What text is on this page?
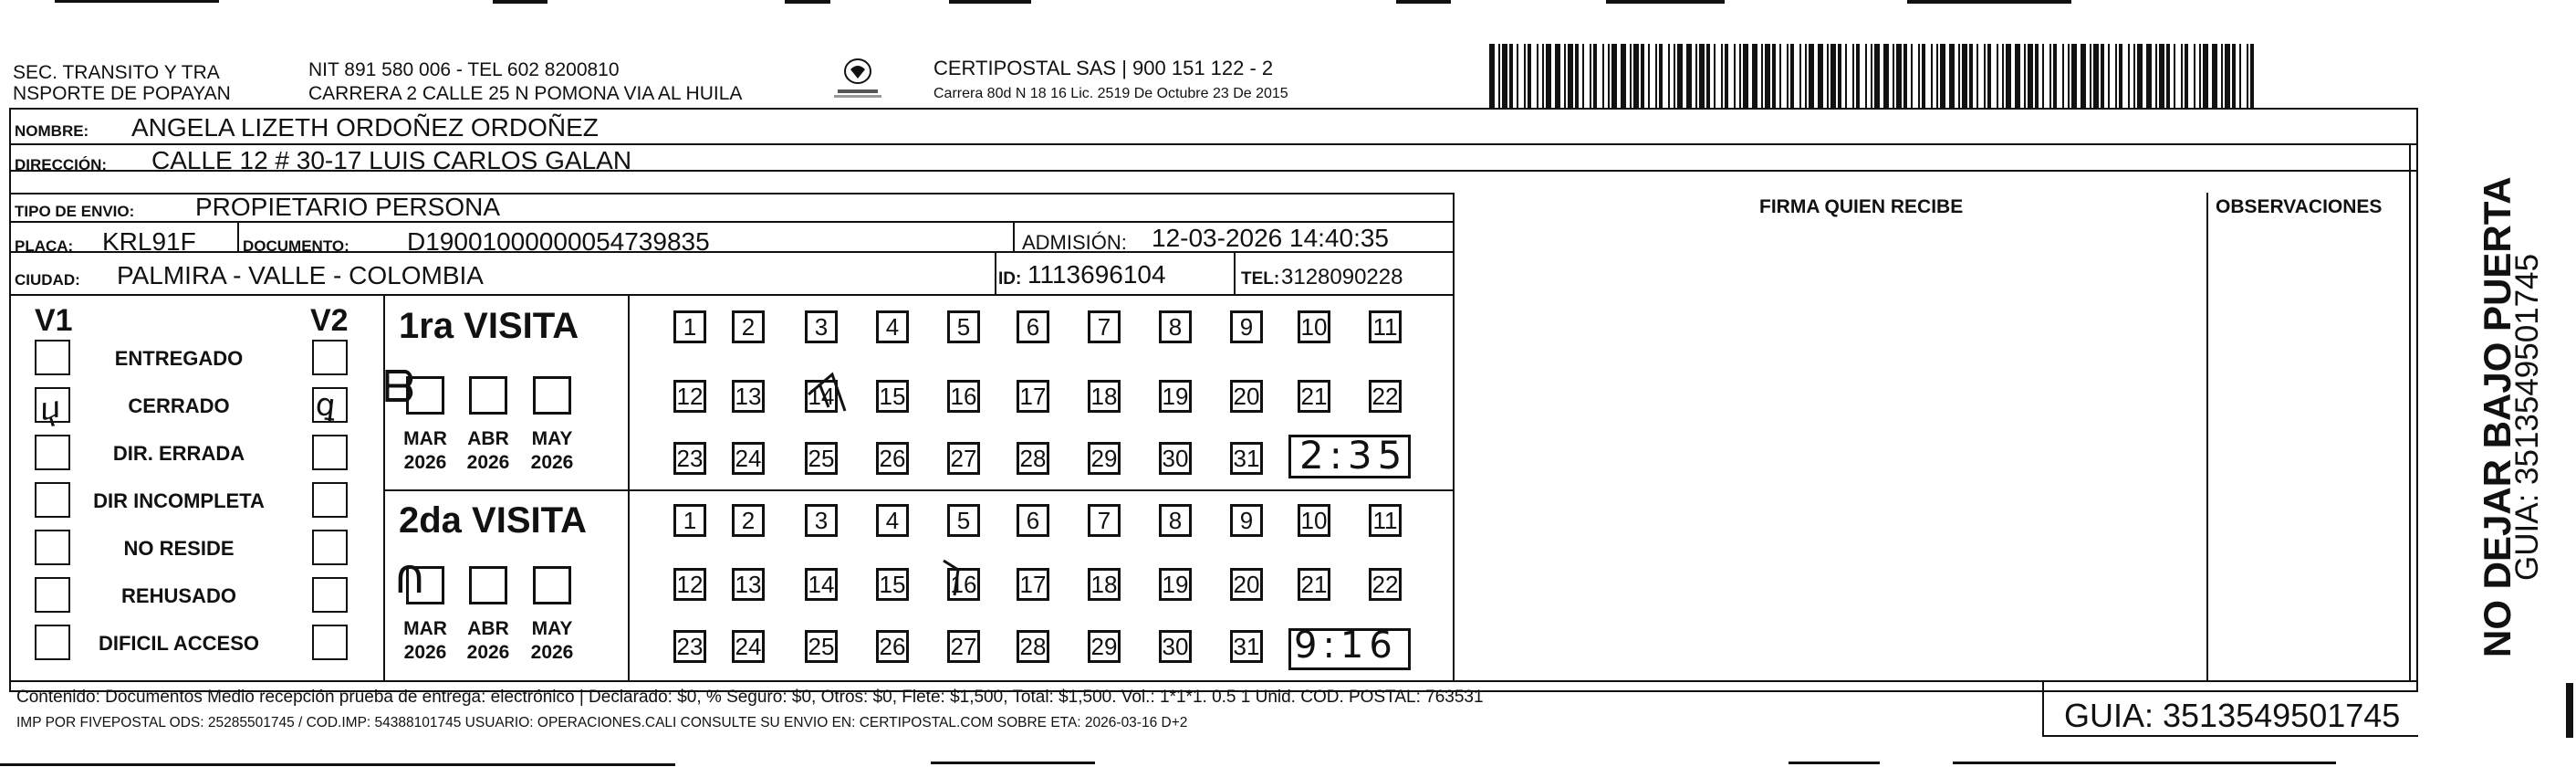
SEC. TRANSITO Y TRA
NSPORTE DE POPAYAN
NIT 891 580 006 - TEL 602 8200810
CARRERA 2 CALLE 25 N POMONA VIA AL HUILA
CERTIPOSTAL SAS | 900 151 122 - 2
Carrera 80d N 18 16 Lic. 2519 De Octubre 23 De 2015
NOMBRE: ANGELA LIZETH ORDOÑEZ ORDOÑEZ
DIRECCIÓN: CALLE 12 # 30-17 LUIS CARLOS GALAN
TIPO DE ENVIO: PROPIETARIO PERSONA	FIRMA QUIEN RECIBE	OBSERVACIONES
PLACA: KRL91F	DOCUMENTO: D19001000000054739835	ADMISIÓN: 12-03-2026 14:40:35
CIUDAD: PALMIRA - VALLE - COLOMBIA	ID: 1113696104	TEL: 3128090228
V1	V2
ENTREGADO
CERRADO
DIR. ERRADA
DIR INCOMPLETA
NO RESIDE
REHUSADO
DIFICIL ACCESO
1ra VISITA
2da VISITA
MAR
2026
ABR
2026
MAY
2026
MAR
2026
ABR
2026
MAY
2026
1	2	3	4	5	6	7	8	9	10 11
12 13 14 15 16 17 18 19 20 21 22
23 24 25 26 27 28 29 30 31
1	2	3	4	5	6	7	8	9	10 11
12 13 14 15 16 17 18 19 20 21 22
23 24 25 26 27 28 29 30 31
ⴤ	ꝗ ᗷ
∩
2:35
9:16
Contenido: Documentos Medio recepción prueba de entrega: electrónico | Declarado: $0, % Seguro: $0, Otros: $0, Flete: $1,500, Total: $1,500. Vol.: 1*1*1. 0.5 1 Unid. COD. POSTAL: 763531
IMP POR FIVEPOSTAL ODS: 25285501745 / COD.IMP: 54388101745 USUARIO: OPERACIONES.CALI CONSULTE SU ENVIO EN: CERTIPOSTAL.COM SOBRE ETA: 2026-03-16 D+2	GUIA: 3513549501745
NO DEJAR BAJO PUERTA
GUIA: 3513549501745
